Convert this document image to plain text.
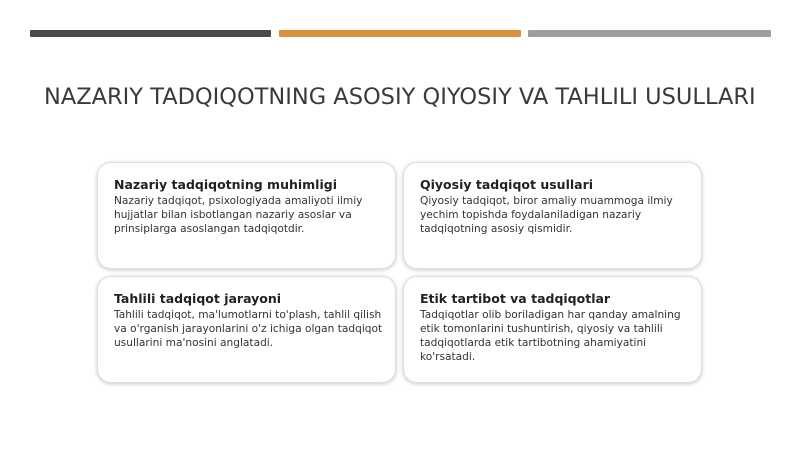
NAZARIY TADQIQOTNING ASOSIY QIYOSIY VA TAHLILI USULLARI
Nazariy tadqiqotning muhimligi
Nazariy tadqiqot, psixologiyada amaliyoti ilmiy hujjatlar bilan isbotlangan nazariy asoslar va prinsiplarga asoslangan tadqiqotdir.
Qiyosiy tadqiqot usullari
Qiyosiy tadqiqot, biror amaliy muammoga ilmiy yechim topishda foydalaniladigan nazariy tadqiqotning asosiy qismidir.
Tahlili tadqiqot jarayoni
Tahlili tadqiqot, ma'lumotlarni to'plash, tahlil qilish va o'rganish jarayonlarini o'z ichiga olgan tadqiqot usullarini ma'nosini anglatadi.
Etik tartibot va tadqiqotlar
Tadqiqotlar olib boriladigan har qanday amalning etik tomonlarini tushuntirish, qiyosiy va tahlili tadqiqotlarda etik tartibotning ahamiyatini ko'rsatadi.
